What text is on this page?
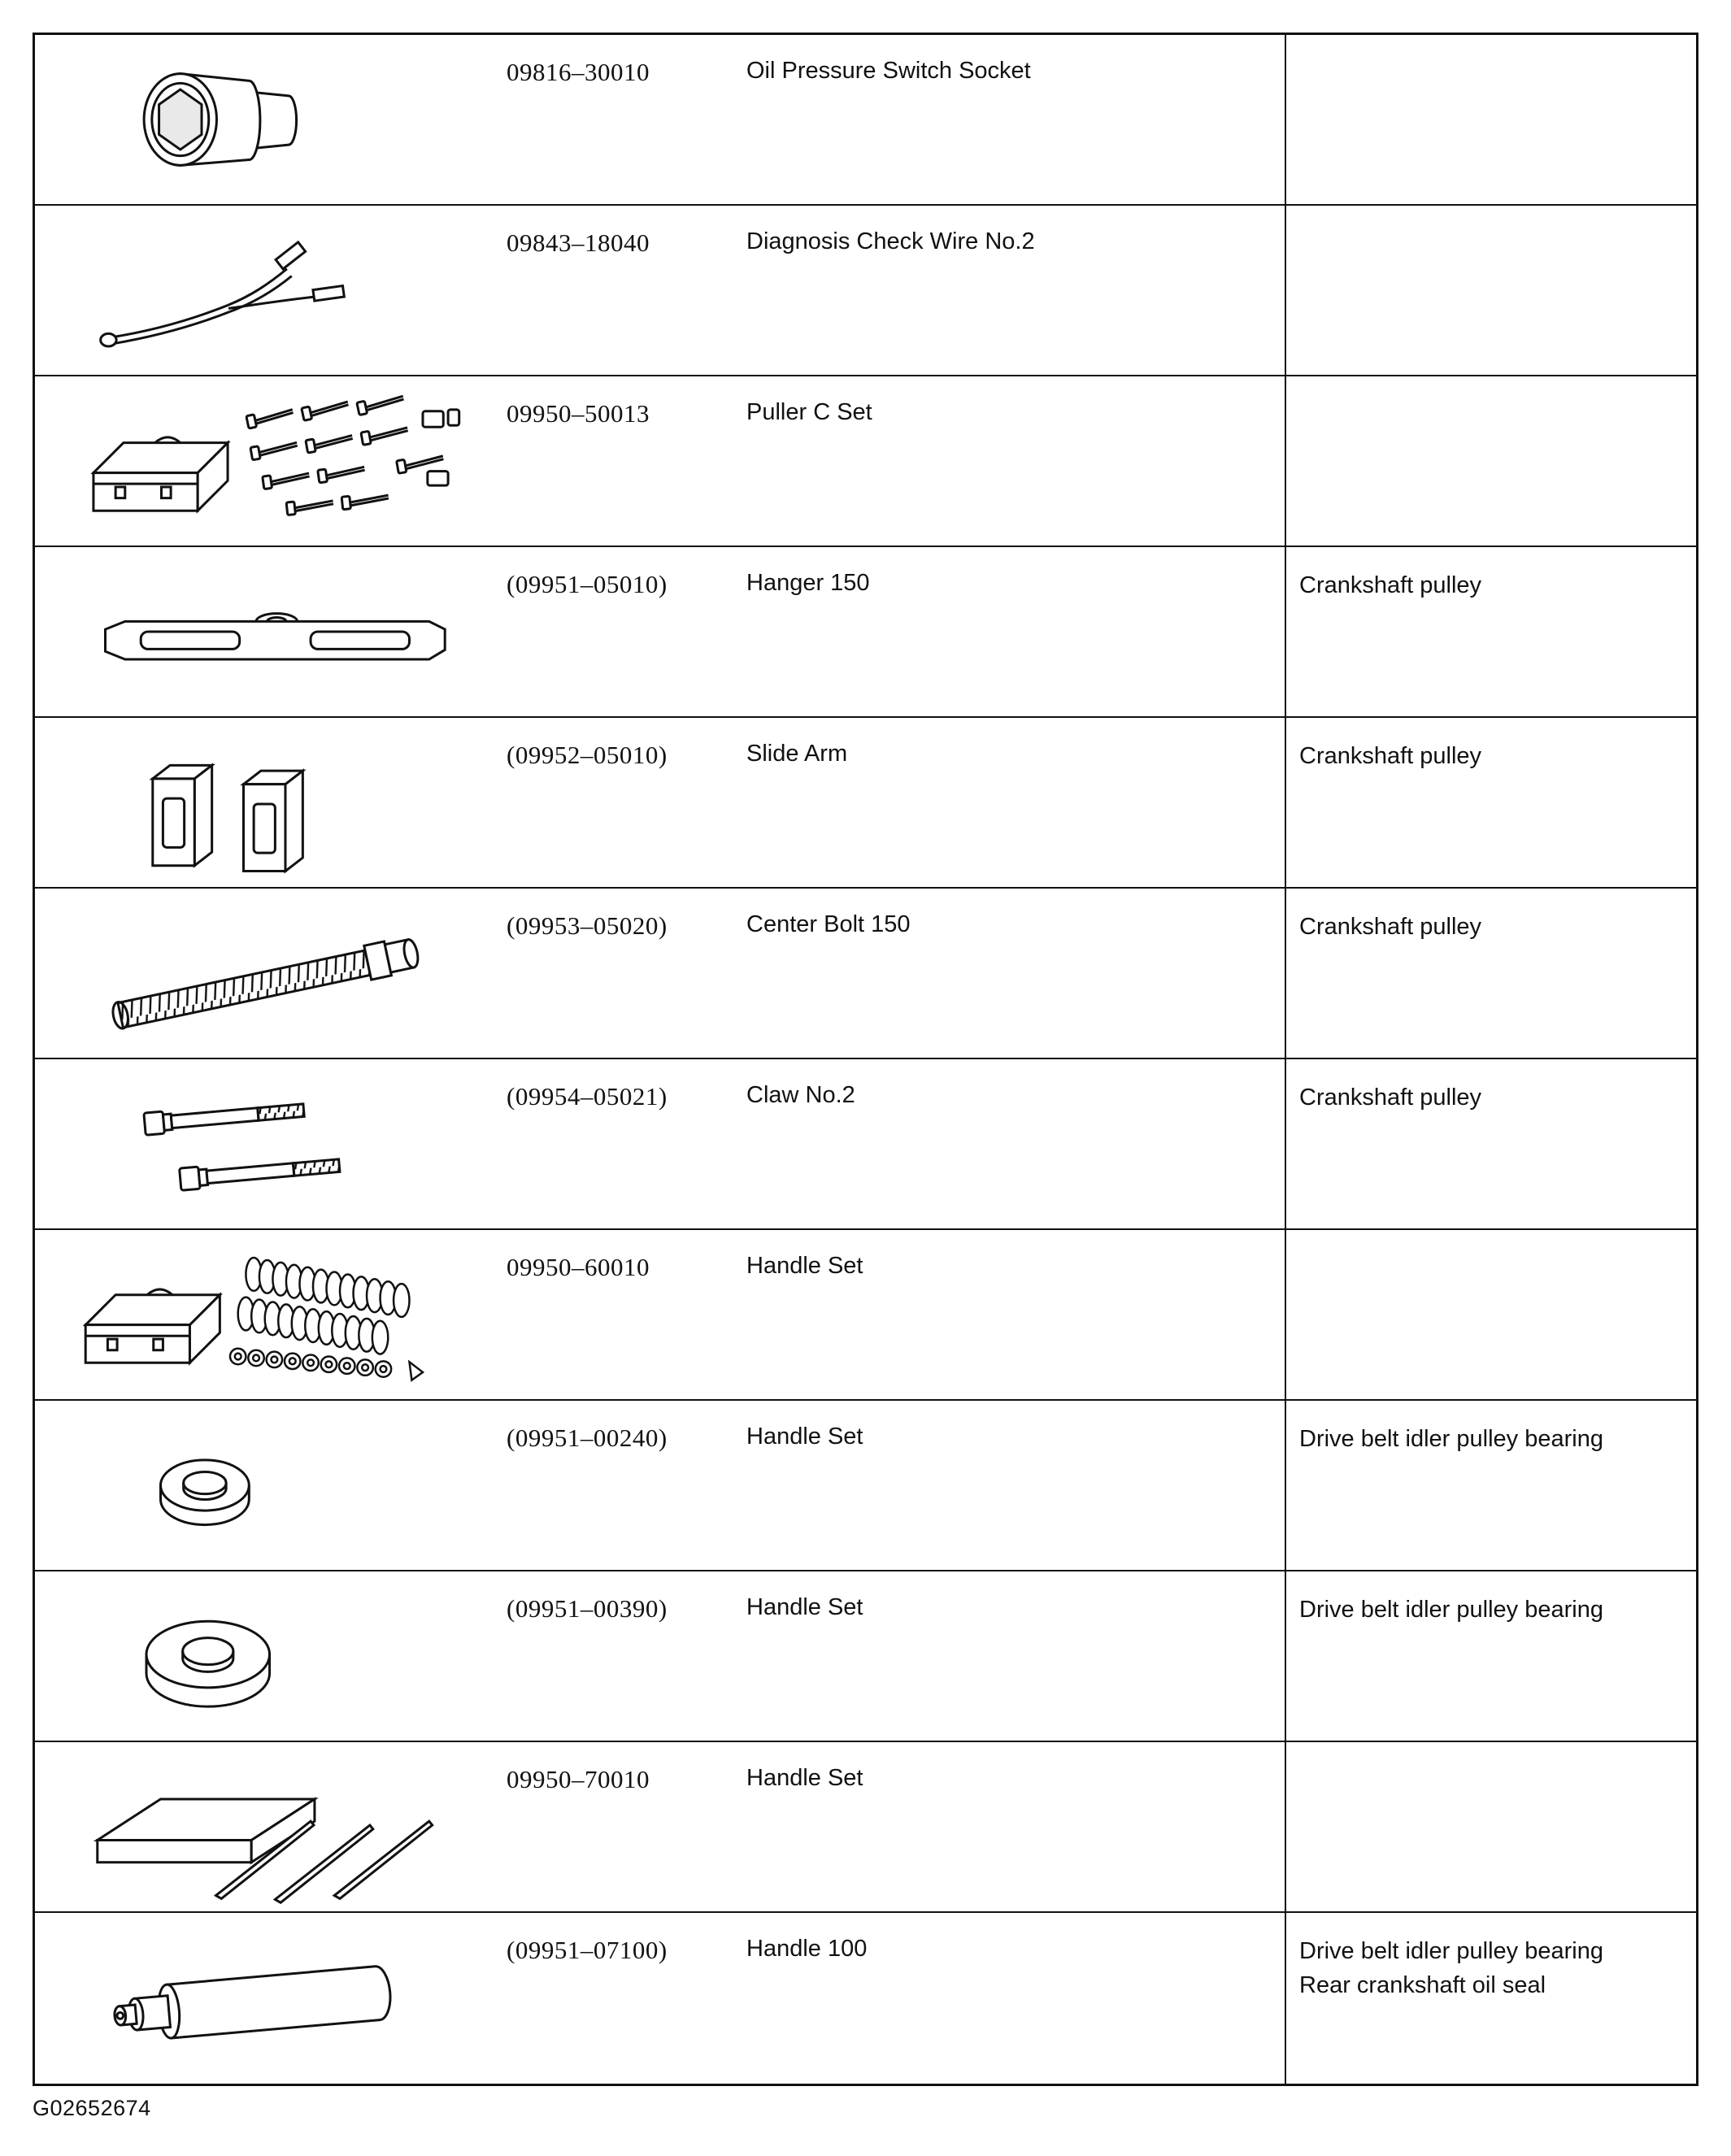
09816–30010	Oil Pressure Switch Socket
09843–18040	Diagnosis Check Wire No.2
09950–50013	Puller C Set
(09951–05010)	Hanger 150	Crankshaft pulley
(09952–05010)	Slide Arm	Crankshaft pulley
(09953–05020)	Center Bolt 150	Crankshaft pulley
(09954–05021)	Claw No.2	Crankshaft pulley
09950–60010	Handle Set
(09951–00240)	Handle Set	Drive belt idler pulley bearing
(09951–00390)	Handle Set	Drive belt idler pulley bearing
09950–70010	Handle Set
(09951–07100)	Handle 100	Drive belt idler pulley bearing
Rear crankshaft oil seal
G02652674
